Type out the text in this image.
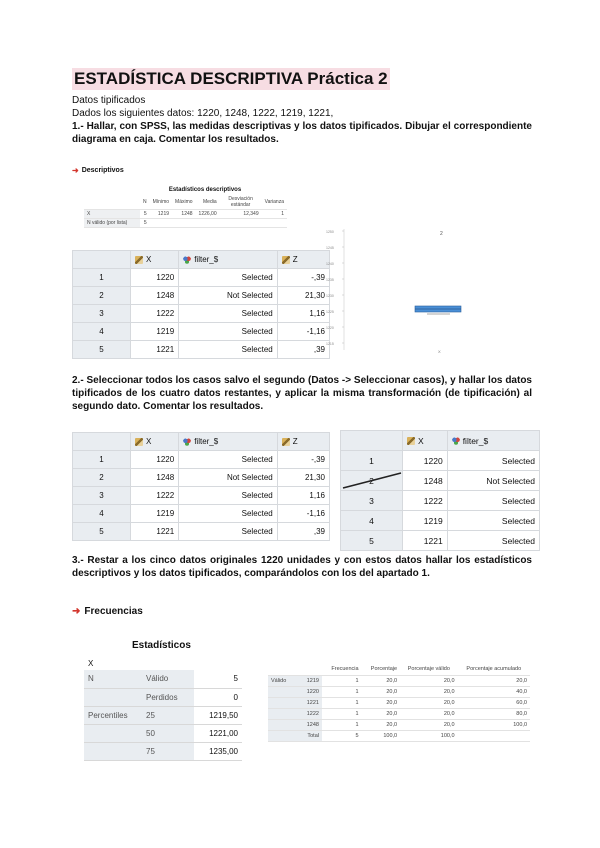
ESTADÍSTICA DESCRIPTIVA Práctica 2
Datos tipificados
Dados los siguientes datos: 1220, 1248, 1222, 1219, 1221,
1.- Hallar, con SPSS, las medidas descriptivas y los datos tipificados. Dibujar el correspondiente diagrama en caja. Comentar los resultados.
➜ Descriptivos
Estadísticos descriptivos
	N	Mínimo	Máximo	Media	Desviación estándar	Varianza
X	5	1219	1248	1226,00	12,349	1
N válido (por lista)	5					
	X	filter_$	Z
1	1220	Selected	-,39
2	1248	Not Selected	21,30
3	1222	Selected	1,16
4	1219	Selected	-1,16
5	1221	Selected	,39
1250
1245
1240
1235
1230
1225
1220
1215
2
X
2.- Seleccionar todos los casos salvo el segundo (Datos -> Seleccionar casos), y hallar los datos tipificados de los cuatro datos restantes, y aplicar la misma transformación (de tipificación) al segundo dato. Comentar los resultados.
	X	filter_$	Z
1	1220	Selected	-,39
2	1248	Not Selected	21,30
3	1222	Selected	1,16
4	1219	Selected	-1,16
5	1221	Selected	,39
	X	filter_$
1	1220	Selected

	1248	Not Selected
3	1222	Selected
4	1219	Selected
5	1221	Selected
3.- Restar a los cinco datos originales 1220 unidades y con estos datos hallar los estadísticos descriptivos y los datos tipificados, comparándolos con los del apartado 1.
➜ Frecuencias
Estadísticos
X
N	Válido	5
	Perdidos	0
Percentiles	25	1219,50
	50	1221,00
	75	1235,00
		Frecuencia	Porcentaje	Porcentaje válido	Porcentaje acumulado
Válido	1219	1	20,0	20,0	20,0
	1220	1	20,0	20,0	40,0
	1221	1	20,0	20,0	60,0
	1222	1	20,0	20,0	80,0
	1248	1	20,0	20,0	100,0
	Total	5	100,0	100,0	
